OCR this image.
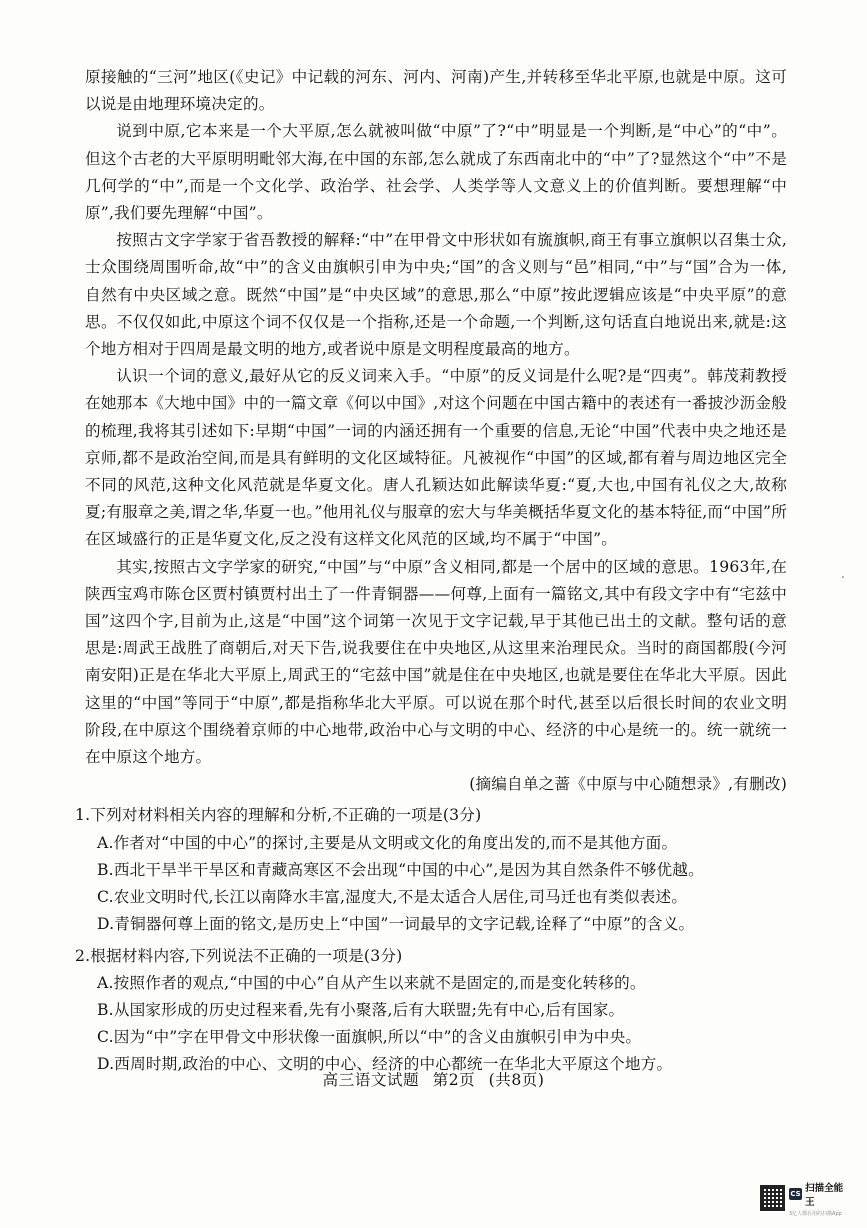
原接触的“三河”地区(《史记》中记载的河东、河内、河南)产生,并转移至华北平原,也就是中原。这可以说是由地理环境决定的。

说到中原,它本来是一个大平原,怎么就被叫做“中原”了?“中”明显是一个判断,是“中心”的“中”。但这个古老的大平原明明毗邻大海,在中国的东部,怎么就成了东西南北中的“中”了?显然这个“中”不是几何学的“中”,而是一个文化学、政治学、社会学、人类学等人文意义上的价值判断。要想理解“中原”,我们要先理解“中国”。

按照古文字学家于省吾教授的解释:“中”在甲骨文中形状如有旒旗帜,商王有事立旗帜以召集士众,士众围绕周围听命,故“中”的含义由旗帜引申为中央;“国”的含义则与“邑”相同,“中”与“国”合为一体,自然有中央区域之意。既然“中国”是“中央区域”的意思,那么“中原”按此逻辑应该是“中央平原”的意思。不仅仅如此,中原这个词不仅仅是一个指称,还是一个命题,一个判断,这句话直白地说出来,就是:这个地方相对于四周是最文明的地方,或者说中原是文明程度最高的地方。

认识一个词的意义,最好从它的反义词来入手。“中原”的反义词是什么呢?是“四夷”。韩茂莉教授在她那本《大地中国》中的一篇文章《何以中国》,对这个问题在中国古籍中的表述有一番披沙沥金般的梳理,我将其引述如下:早期“中国”一词的内涵还拥有一个重要的信息,无论“中国”代表中央之地还是京师,都不是政治空间,而是具有鲜明的文化区域特征。凡被视作“中国”的区域,都有着与周边地区完全不同的风范,这种文化风范就是华夏文化。唐人孔颖达如此解读华夏:“夏,大也,中国有礼仪之大,故称夏;有服章之美,谓之华,华夏一也。”他用礼仪与服章的宏大与华美概括华夏文化的基本特征,而“中国”所在区域盛行的正是华夏文化,反之没有这样文化风范的区域,均不属于“中国”。

其实,按照古文字学家的研究,“中国”与“中原”含义相同,都是一个居中的区域的意思。1963年,在陕西宝鸡市陈仓区贾村镇贾村出土了一件青铜器——何尊,上面有一篇铭文,其中有段文字中有“宅兹中国”这四个字,目前为止,这是“中国”这个词第一次见于文字记载,早于其他已出土的文献。整句话的意思是:周武王战胜了商朝后,对天下告,说我要住在中央地区,从这里来治理民众。当时的商国都殷(今河南安阳)正是在华北大平原上,周武王的“宅兹中国”就是住在中央地区,也就是要住在华北大平原。因此这里的“中国”等同于“中原”,都是指称华北大平原。可以说在那个时代,甚至以后很长时间的农业文明阶段,在中原这个围绕着京师的中心地带,政治中心与文明的中心、经济的中心是统一的。统一就统一在中原这个地方。

(摘编自单之蔷《中原与中心随想录》,有删改)

1.下列对材料相关内容的理解和分析,不正确的一项是(3分)

A.作者对“中国的中心”的探讨,主要是从文明或文化的角度出发的,而不是其他方面。

B.西北干旱半干旱区和青藏高寒区不会出现“中国的中心”,是因为其自然条件不够优越。

C.农业文明时代,长江以南降水丰富,湿度大,不是太适合人居住,司马迁也有类似表述。

D.青铜器何尊上面的铭文,是历史上“中国”一词最早的文字记载,诠释了“中原”的含义。

2.根据材料内容,下列说法不正确的一项是(3分)

A.按照作者的观点,“中国的中心”自从产生以来就不是固定的,而是变化转移的。

B.从国家形成的历史过程来看,先有小聚落,后有大联盟;先有中心,后有国家。

C.因为“中”字在甲骨文中形状像一面旗帜,所以“中”的含义由旗帜引申为中央。

D.西周时期,政治的中心、文明的中心、经济的中心都统一在华北大平原这个地方。

高三语文试题 第2页 (共8页)
CS 扫描全能王
3亿人都在用的扫描App
